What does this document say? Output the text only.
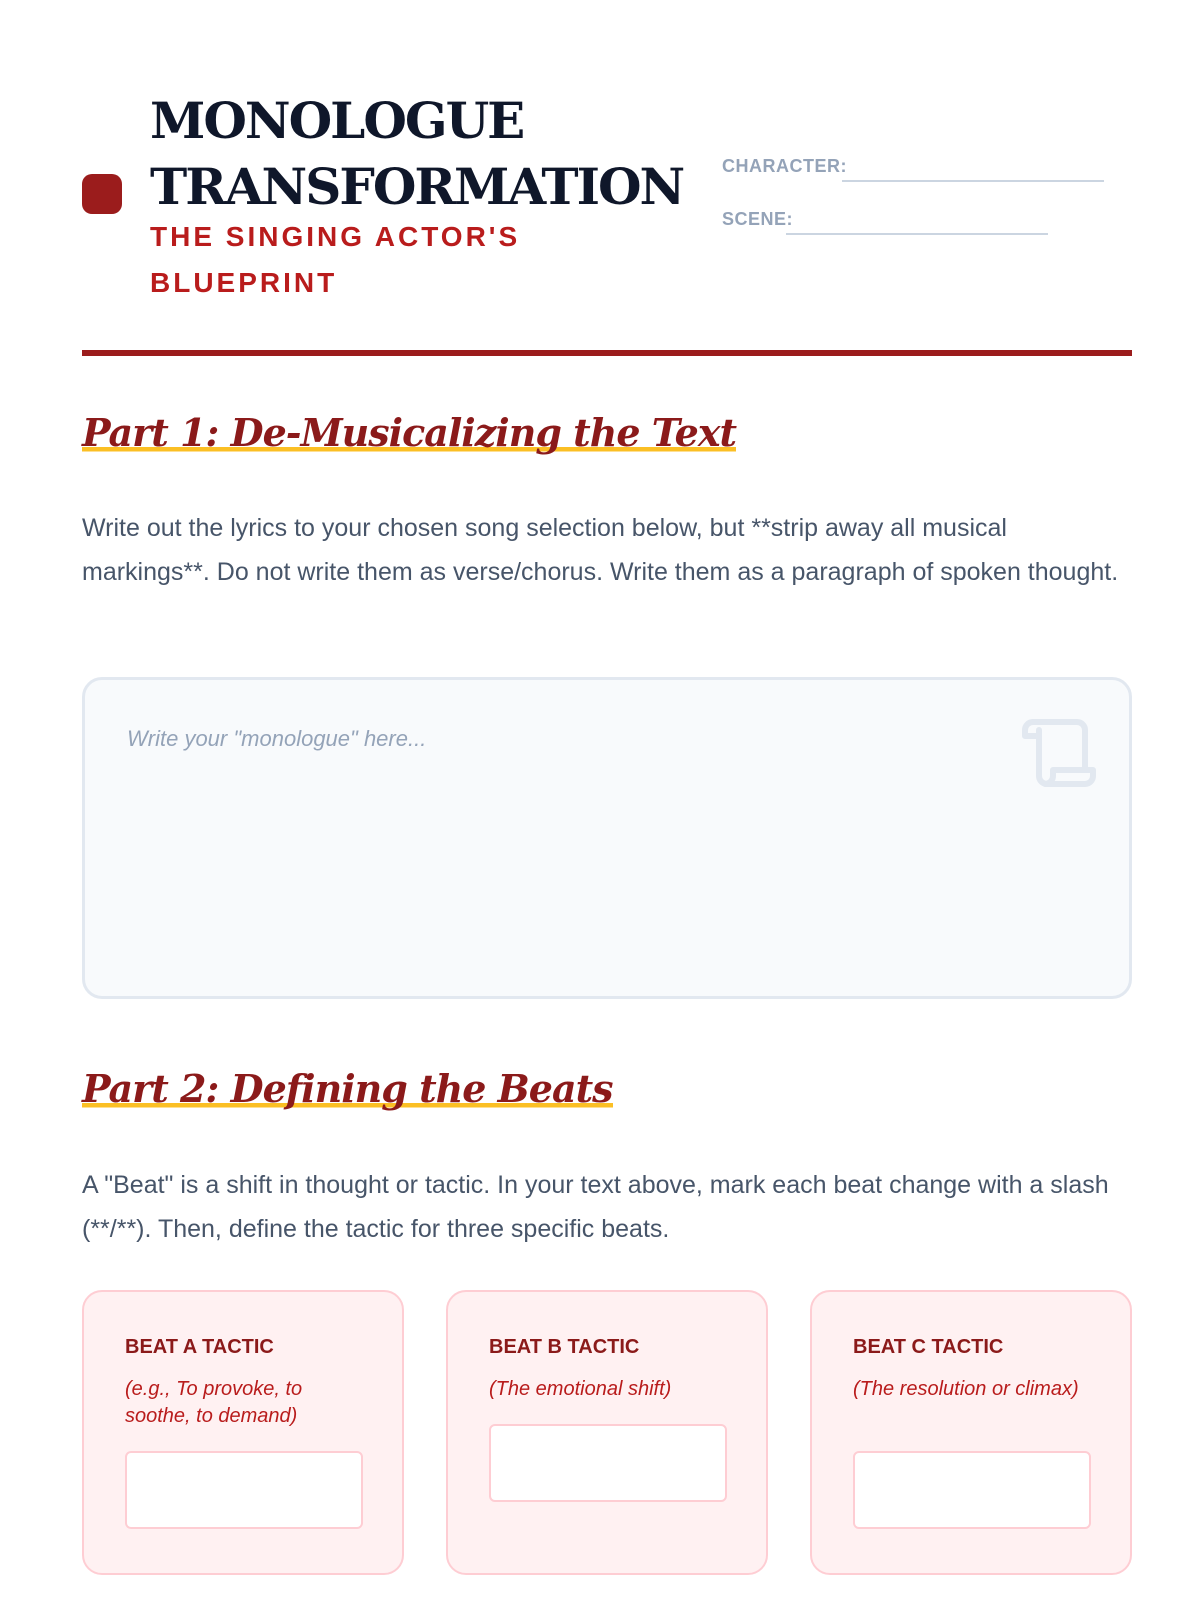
MONOLOGUE
TRANSFORMATION
THE SINGING ACTOR'S BLUEPRINT
CHARACTER:
SCENE:
Part 1: De-Musicalizing the Text

Write out the lyrics to your chosen song selection below, but **strip away all musical markings**. Do not write them as verse/chorus. Write them as a paragraph of spoken thought.

Write your "monologue" here...
Part 2: Defining the Beats

A "Beat" is a shift in thought or tactic. In your text above, mark each beat change with a slash (**/**). Then, define the tactic for three specific beats.

BEAT A TACTIC
(e.g., To provoke, to soothe, to demand)
BEAT B TACTIC
(The emotional shift)
BEAT C TACTIC
(The resolution or climax)
